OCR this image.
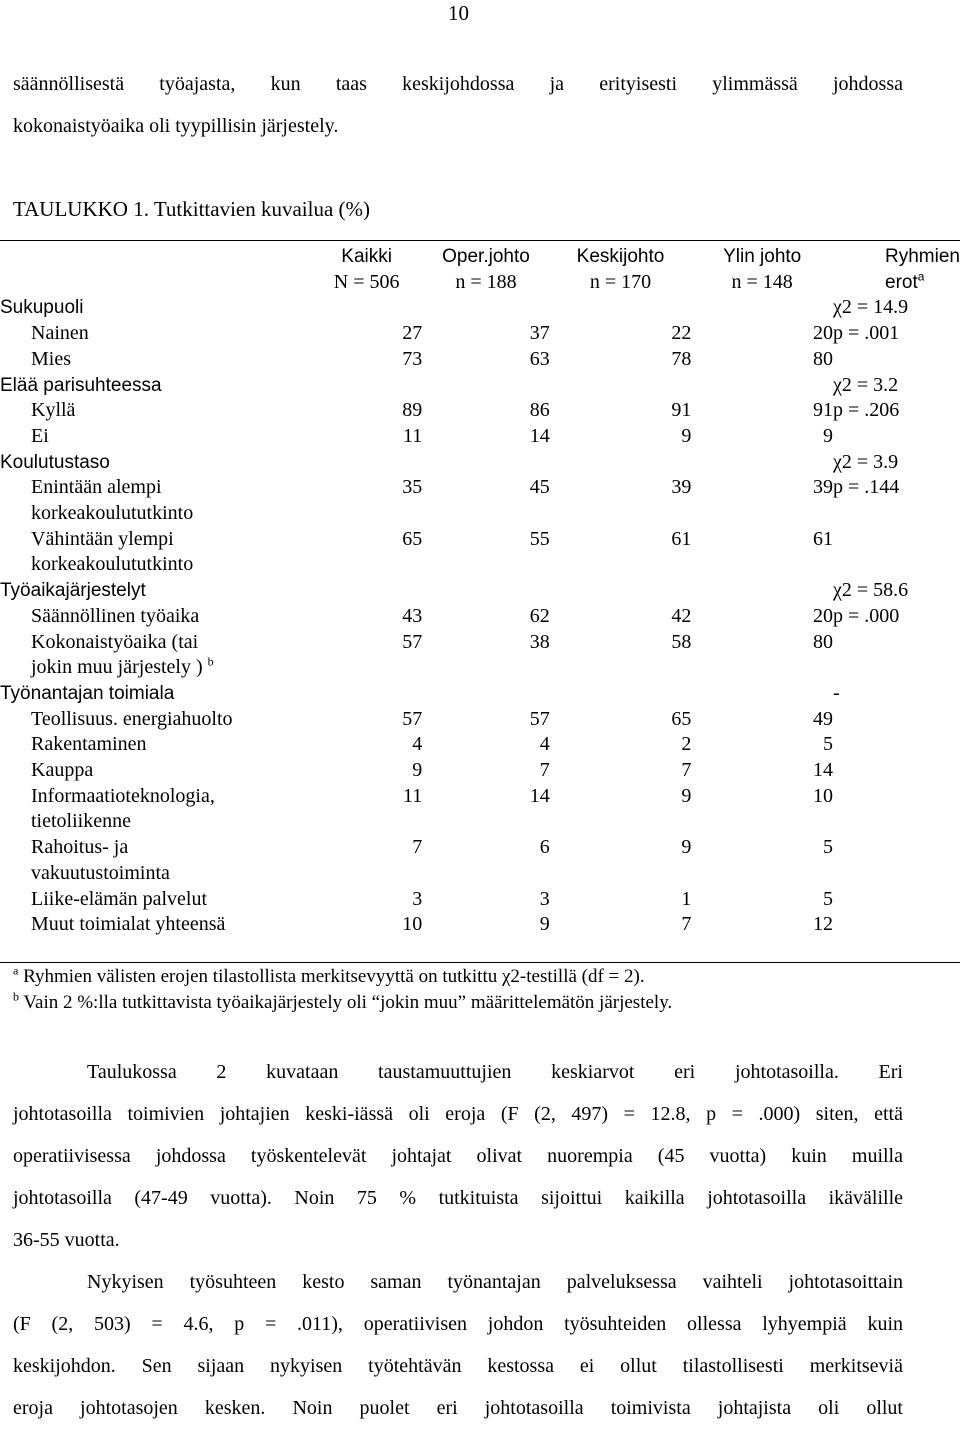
10
säännöllisestä työajasta, kun taas keskijohdossa ja erityisesti ylimmässä johdossa
kokonaistyöaika oli tyypillisin järjestely.
TAULUKKO 1. Tutkittavien kuvailua (%)
	Kaikki	Oper.johto	Keskijohto	Ylin johto	Ryhmien
	N = 506	n = 188	n = 170	n = 148	erot$^a$
Sukupuoli					χ2 = 14.9
Nainen	27	37	22	20	p = .001
Mies	73	63	78	80	
Elää parisuhteessa					χ2 = 3.2
Kyllä	89	86	91	91	p = .206
Ei	11	14	9	9	
Koulutustaso					χ2 = 3.9
Enintään alempi	35	45	39	39	p = .144
korkeakoulututkinto					
Vähintään ylempi	65	55	61	61	
korkeakoulututkinto					
Työaikajärjestelyt					χ2 = 58.6
Säännöllinen työaika	43	62	42	20	p = .000
Kokonaistyöaika (tai	57	38	58	80	
jokin muu järjestely ) $^b$					
Työnantajan toimiala					-
Teollisuus. energiahuolto	57	57	65	49	
Rakentaminen	4	4	2	5	
Kauppa	9	7	7	14	
Informaatioteknologia,	11	14	9	10	
tietoliikenne					
Rahoitus- ja	7	6	9	5	
vakuutustoiminta					
Liike-elämän palvelut	3	3	1	5	
Muut toimialat yhteensä	10	9	7	12	
$^a$ Ryhmien välisten erojen tilastollista merkitsevyyttä on tutkittu χ2-testillä (df = 2).
$^b$ Vain 2 %:lla tutkittavista työaikajärjestely oli “jokin muu” määrittelemätön järjestely.
Taulukossa 2 kuvataan taustamuuttujien keskiarvot eri johtotasoilla. Eri
johtotasoilla toimivien johtajien keski-iässä oli eroja (F (2, 497) = 12.8, p = .000) siten, että
operatiivisessa johdossa työskentelevät johtajat olivat nuorempia (45 vuotta) kuin muilla
johtotasoilla (47-49 vuotta). Noin 75 % tutkituista sijoittui kaikilla johtotasoilla ikävälille
36-55 vuotta.
Nykyisen työsuhteen kesto saman työnantajan palveluksessa vaihteli johtotasoittain
(F (2, 503) = 4.6, p = .011), operatiivisen johdon työsuhteiden ollessa lyhyempiä kuin
keskijohdon. Sen sijaan nykyisen työtehtävän kestossa ei ollut tilastollisesti merkitseviä
eroja johtotasojen kesken. Noin puolet eri johtotasoilla toimivista johtajista oli ollut
